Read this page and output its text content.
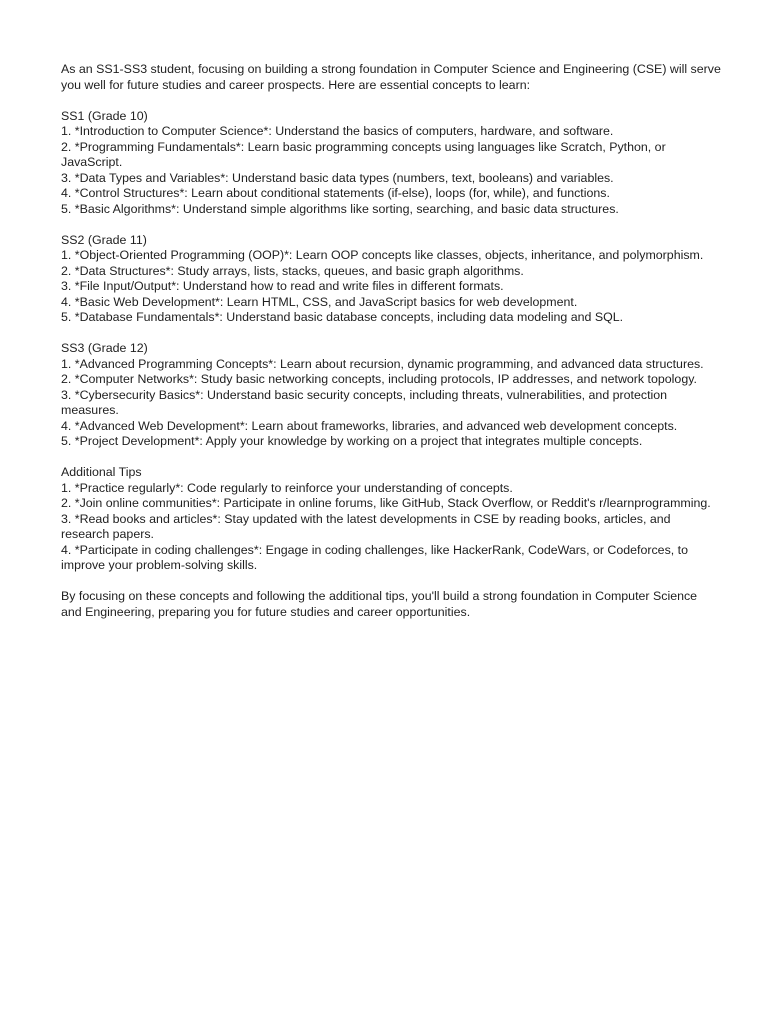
As an SS1-SS3 student, focusing on building a strong foundation in Computer Science and Engineering (CSE) will serve you well for future studies and career prospects. Here are essential concepts to learn:

SS1 (Grade 10)
1. *Introduction to Computer Science*: Understand the basics of computers, hardware, and software.
2. *Programming Fundamentals*: Learn basic programming concepts using languages like Scratch, Python, or JavaScript.
3. *Data Types and Variables*: Understand basic data types (numbers, text, booleans) and variables.
4. *Control Structures*: Learn about conditional statements (if-else), loops (for, while), and functions.
5. *Basic Algorithms*: Understand simple algorithms like sorting, searching, and basic data structures.
SS2 (Grade 11)
1. *Object-Oriented Programming (OOP)*: Learn OOP concepts like classes, objects, inheritance, and polymorphism.
2. *Data Structures*: Study arrays, lists, stacks, queues, and basic graph algorithms.
3. *File Input/Output*: Understand how to read and write files in different formats.
4. *Basic Web Development*: Learn HTML, CSS, and JavaScript basics for web development.
5. *Database Fundamentals*: Understand basic database concepts, including data modeling and SQL.
SS3 (Grade 12)
1. *Advanced Programming Concepts*: Learn about recursion, dynamic programming, and advanced data structures.
2. *Computer Networks*: Study basic networking concepts, including protocols, IP addresses, and network topology.
3. *Cybersecurity Basics*: Understand basic security concepts, including threats, vulnerabilities, and protection measures.
4. *Advanced Web Development*: Learn about frameworks, libraries, and advanced web development concepts.
5. *Project Development*: Apply your knowledge by working on a project that integrates multiple concepts.
Additional Tips
1. *Practice regularly*: Code regularly to reinforce your understanding of concepts.
2. *Join online communities*: Participate in online forums, like GitHub, Stack Overflow, or Reddit's r/learnprogramming.
3. *Read books and articles*: Stay updated with the latest developments in CSE by reading books, articles, and research papers.
4. *Participate in coding challenges*: Engage in coding challenges, like HackerRank, CodeWars, or Codeforces, to improve your problem-solving skills.

By focusing on these concepts and following the additional tips, you'll build a strong foundation in Computer Science and Engineering, preparing you for future studies and career opportunities.
